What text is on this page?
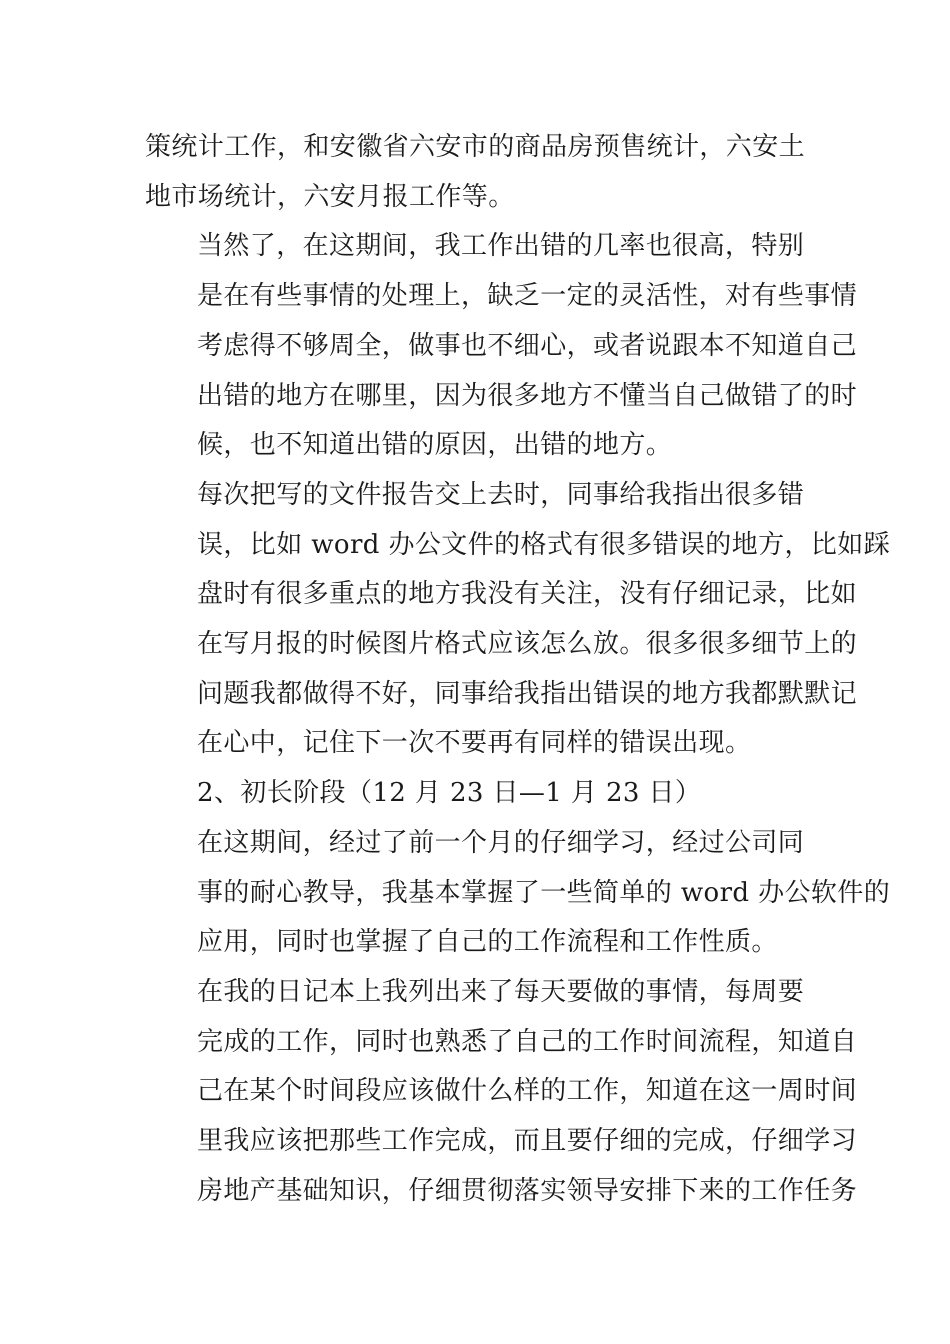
策统计工作，和安徽省六安市的商品房预售统计，六安土
地市场统计，六安月报工作等。

当然了，在这期间，我工作出错的几率也很高，特别
是在有些事情的处理上，缺乏一定的灵活性，对有些事情
考虑得不够周全，做事也不细心，或者说跟本不知道自己
出错的地方在哪里，因为很多地方不懂当自己做错了的时
候，也不知道出错的原因，出错的地方。

每次把写的文件报告交上去时，同事给我指出很多错
误，比如 word 办公文件的格式有很多错误的地方，比如踩
盘时有很多重点的地方我没有关注，没有仔细记录，比如
在写月报的时候图片格式应该怎么放。很多很多细节上的
问题我都做得不好，同事给我指出错误的地方我都默默记
在心中，记住下一次不要再有同样的错误出现。

2、初长阶段（12 月 23 日—1 月 23 日）

在这期间，经过了前一个月的仔细学习，经过公司同
事的耐心教导，我基本掌握了一些简单的 word 办公软件的
应用，同时也掌握了自己的工作流程和工作性质。

在我的日记本上我列出来了每天要做的事情，每周要
完成的工作，同时也熟悉了自己的工作时间流程，知道自
己在某个时间段应该做什么样的工作，知道在这一周时间
里我应该把那些工作完成，而且要仔细的完成，仔细学习
房地产基础知识，仔细贯彻落实领导安排下来的工作任务
